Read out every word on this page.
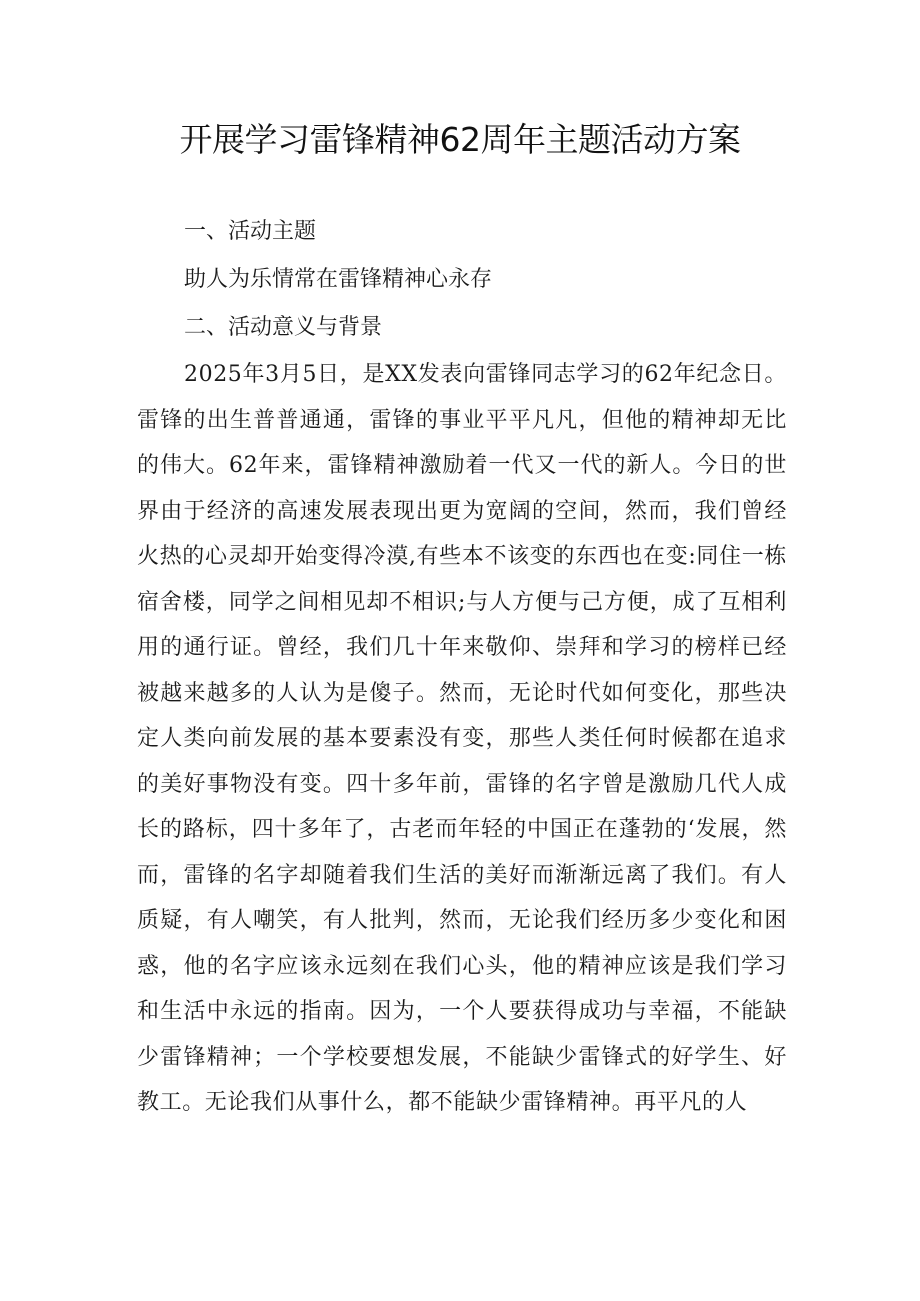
开展学习雷锋精神62周年主题活动方案

一、活动主题

助人为乐情常在雷锋精神心永存

二、活动意义与背景

2025年3月5日，是XX发表向雷锋同志学习的62年纪念日。雷锋的出生普普通通，雷锋的事业平平凡凡，但他的精神却无比的伟大。62年来，雷锋精神激励着一代又一代的新人。今日的世界由于经济的高速发展表现出更为宽阔的空间，然而，我们曾经火热的心灵却开始变得冷漠,有些本不该变的东西也在变:同住一栋宿舍楼，同学之间相见却不相识;与人方便与己方便，成了互相利用的通行证。曾经，我们几十年来敬仰、崇拜和学习的榜样已经被越来越多的人认为是傻子。然而，无论时代如何变化，那些决定人类向前发展的基本要素没有变，那些人类任何时候都在追求的美好事物没有变。四十多年前，雷锋的名字曾是激励几代人成长的路标，四十多年了，古老而年轻的中国正在蓬勃的‘发展，然而，雷锋的名字却随着我们生活的美好而渐渐远离了我们。有人质疑，有人嘲笑，有人批判，然而，无论我们经历多少变化和困惑，他的名字应该永远刻在我们心头，他的精神应该是我们学习和生活中永远的指南。因为，一个人要获得成功与幸福，不能缺少雷锋精神；一个学校要想发展，不能缺少雷锋式的好学生、好教工。无论我们从事什么，都不能缺少雷锋精神。再平凡的人
